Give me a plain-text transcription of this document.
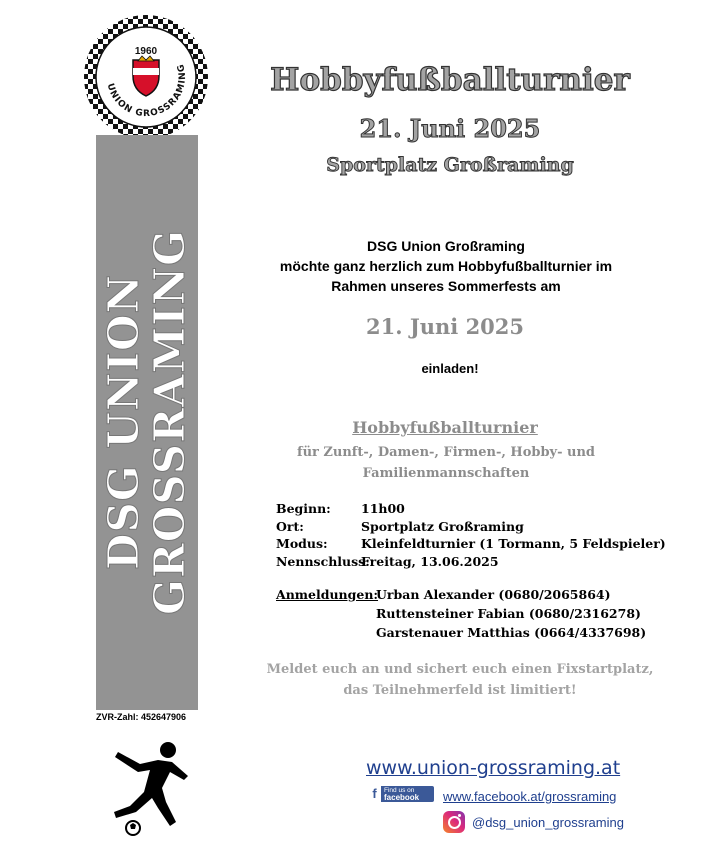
UNION GROSSRAMING
1960
DSG UNION
GROSSRAMING
ZVR-Zahl: 452647906
Hobbyfußballturnier
21. Juni 2025
Sportplatz Großraming
DSG Union Großraming
möchte ganz herzlich zum Hobbyfußballturnier im
Rahmen unseres Sommerfests am
21. Juni 2025
einladen!
Hobbyfußballturnier
für Zunft-, Damen-, Firmen-, Hobby- und
Familienmannschaften
Beginn:	11h00
Ort:	Sportplatz Großraming
Modus:	Kleinfeldturnier (1 Tormann, 5 Feldspieler)
Nennschluss:
Freitag, 13.06.2025
Anmeldungen:
Urban Alexander (0680/2065864)
Ruttensteiner Fabian (0680/2316278)
Garstenauer Matthias (0664/4337698)
Meldet euch an und sichert euch einen Fixstartplatz,
das Teilnehmerfeld ist limitiert!
www.union-grossraming.at
f	Find us on
facebook www.facebook.at/grossraming
@dsg_union_grossraming
